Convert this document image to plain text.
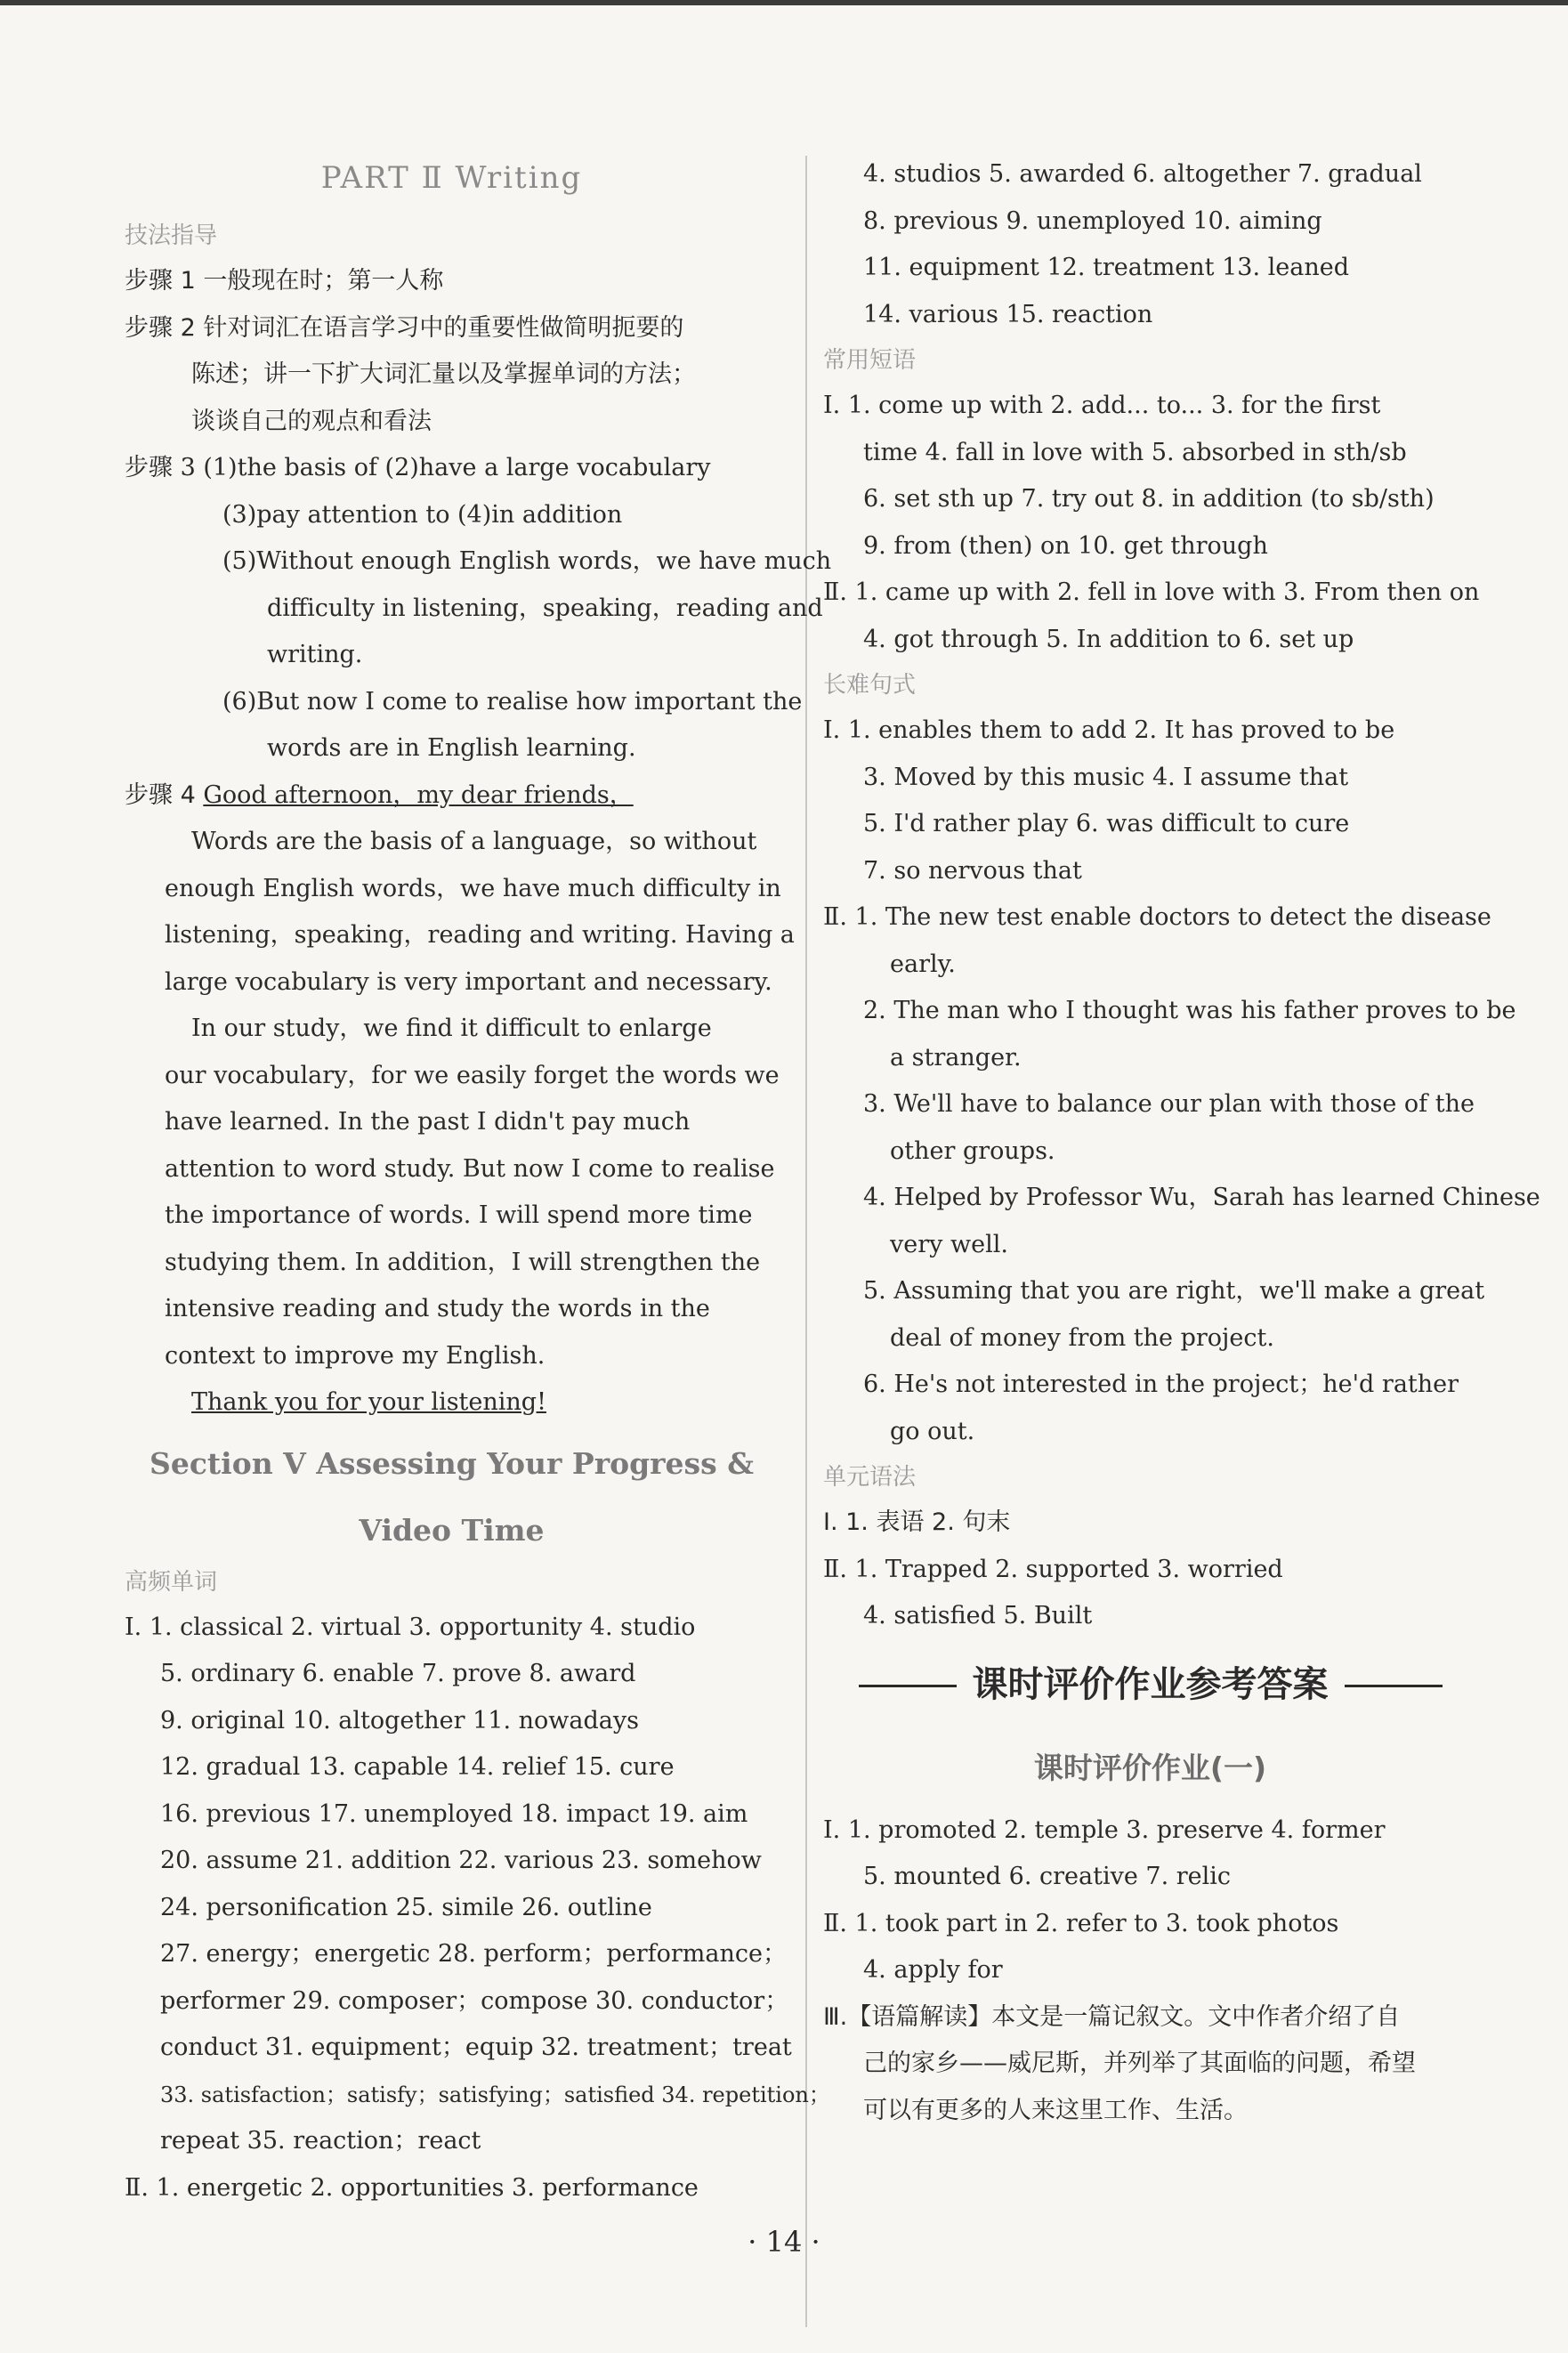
PART Ⅱ Writing
技法指导
步骤 1 一般现在时；第一人称
步骤 2 针对词汇在语言学习中的重要性做简明扼要的
陈述；讲一下扩大词汇量以及掌握单词的方法；
谈谈自己的观点和看法
步骤 3 (1)the basis of (2)have a large vocabulary
(3)pay attention to (4)in addition
(5)Without enough English words，we have much
difficulty in listening，speaking，reading and
writing.
(6)But now I come to realise how important the
words are in English learning.
步骤 4 Good afternoon，my dear friends，
Words are the basis of a language，so without
enough English words，we have much difficulty in
listening，speaking，reading and writing. Having a
large vocabulary is very important and necessary.
In our study，we find it difficult to enlarge
our vocabulary，for we easily forget the words we
have learned. In the past I didn't pay much
attention to word study. But now I come to realise
the importance of words. I will spend more time
studying them. In addition，I will strengthen the
intensive reading and study the words in the
context to improve my English.
Thank you for your listening!
Section Ⅴ Assessing Your Progress &
Video Time
高频单词
Ⅰ. 1. classical 2. virtual 3. opportunity 4. studio
5. ordinary 6. enable 7. prove 8. award
9. original 10. altogether 11. nowadays
12. gradual 13. capable 14. relief 15. cure
16. previous 17. unemployed 18. impact 19. aim
20. assume 21. addition 22. various 23. somehow
24. personification 25. simile 26. outline
27. energy；energetic 28. perform；performance；
performer 29. composer；compose 30. conductor；
conduct 31. equipment；equip 32. treatment；treat
33. satisfaction；satisfy；satisfying；satisfied 34. repetition；
repeat 35. reaction；react
Ⅱ. 1. energetic 2. opportunities 3. performance
4. studios 5. awarded 6. altogether 7. gradual
8. previous 9. unemployed 10. aiming
11. equipment 12. treatment 13. leaned
14. various 15. reaction
常用短语
Ⅰ. 1. come up with 2. add... to... 3. for the first
time 4. fall in love with 5. absorbed in sth/sb
6. set sth up 7. try out 8. in addition (to sb/sth)
9. from (then) on 10. get through
Ⅱ. 1. came up with 2. fell in love with 3. From then on
4. got through 5. In addition to 6. set up
长难句式
Ⅰ. 1. enables them to add 2. It has proved to be
3. Moved by this music 4. I assume that
5. I'd rather play 6. was difficult to cure
7. so nervous that
Ⅱ. 1. The new test enable doctors to detect the disease
early.
2. The man who I thought was his father proves to be
a stranger.
3. We'll have to balance our plan with those of the
other groups.
4. Helped by Professor Wu，Sarah has learned Chinese
very well.
5. Assuming that you are right，we'll make a great
deal of money from the project.
6. He's not interested in the project；he'd rather
go out.
单元语法
Ⅰ. 1. 表语 2. 句末
Ⅱ. 1. Trapped 2. supported 3. worried
4. satisfied 5. Built
课时评价作业参考答案
课时评价作业(一)
Ⅰ. 1. promoted 2. temple 3. preserve 4. former
5. mounted 6. creative 7. relic
Ⅱ. 1. took part in 2. refer to 3. took photos
4. apply for
Ⅲ.【语篇解读】本文是一篇记叙文。文中作者介绍了自
己的家乡——威尼斯，并列举了其面临的问题，希望
可以有更多的人来这里工作、生活。
· 14 ·
